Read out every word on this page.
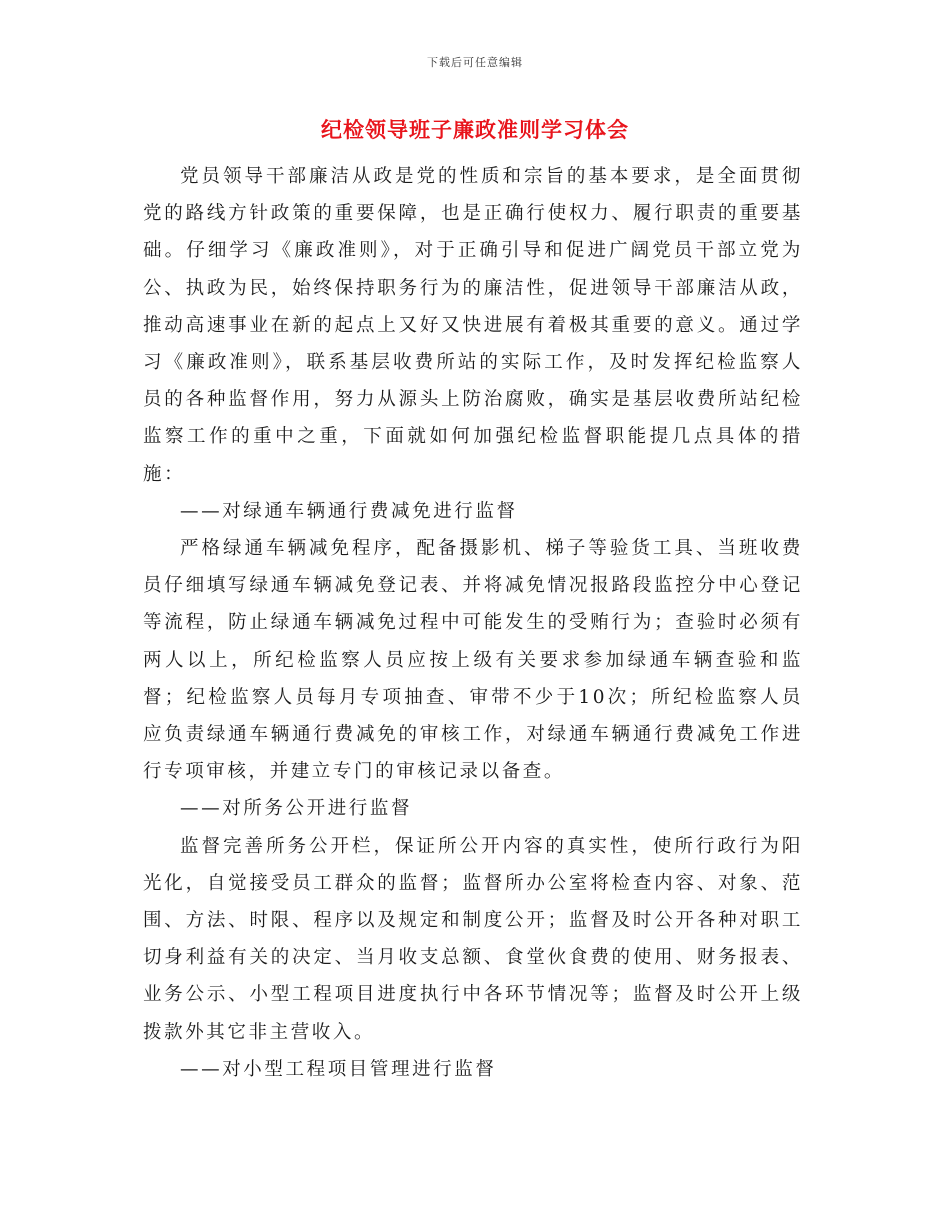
下载后可任意编辑
纪检领导班子廉政准则学习体会

党员领导干部廉洁从政是党的性质和宗旨的基本要求，是全面贯彻党的路线方针政策的重要保障，也是正确行使权力、履行职责的重要基础。仔细学习《廉政准则》，对于正确引导和促进广阔党员干部立党为公、执政为民，始终保持职务行为的廉洁性，促进领导干部廉洁从政，推动高速事业在新的起点上又好又快进展有着极其重要的意义。通过学习《廉政准则》，联系基层收费所站的实际工作，及时发挥纪检监察人员的各种监督作用，努力从源头上防治腐败，确实是基层收费所站纪检监察工作的重中之重，下面就如何加强纪检监督职能提几点具体的措施：

——对绿通车辆通行费减免进行监督

严格绿通车辆减免程序，配备摄影机、梯子等验货工具、当班收费员仔细填写绿通车辆减免登记表、并将减免情况报路段监控分中心登记等流程，防止绿通车辆减免过程中可能发生的受贿行为；查验时必须有两人以上，所纪检监察人员应按上级有关要求参加绿通车辆查验和监督；纪检监察人员每月专项抽查、审带不少于10次；所纪检监察人员应负责绿通车辆通行费减免的审核工作，对绿通车辆通行费减免工作进行专项审核，并建立专门的审核记录以备查。

——对所务公开进行监督

监督完善所务公开栏，保证所公开内容的真实性，使所行政行为阳光化，自觉接受员工群众的监督；监督所办公室将检查内容、对象、范围、方法、时限、程序以及规定和制度公开；监督及时公开各种对职工切身利益有关的决定、当月收支总额、食堂伙食费的使用、财务报表、业务公示、小型工程项目进度执行中各环节情况等；监督及时公开上级拨款外其它非主营收入。

——对小型工程项目管理进行监督
